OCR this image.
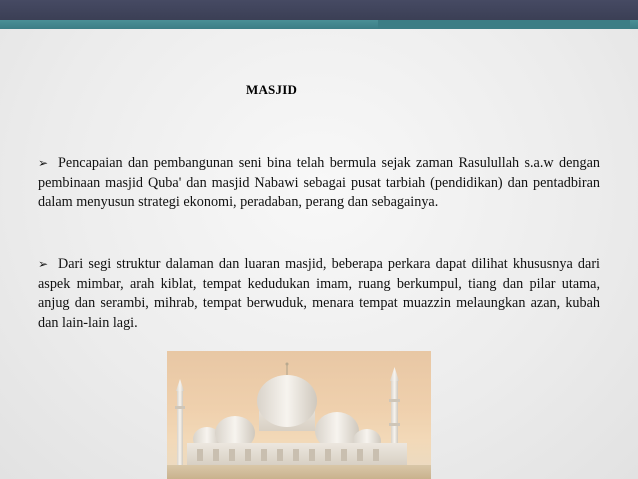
MASJID
➢ Pencapaian dan pembangunan seni bina telah bermula sejak zaman Rasulullah s.a.w dengan pembinaan masjid Quba' dan masjid Nabawi sebagai pusat tarbiah (pendidikan) dan pentadbiran dalam menyusun strategi ekonomi, peradaban, perang dan sebagainya.
➢ Dari segi struktur dalaman dan luaran masjid, beberapa perkara dapat dilihat khususnya dari aspek mimbar, arah kiblat, tempat kedudukan imam, ruang berkumpul, tiang dan pilar utama, anjug dan serambi, mihrab, tempat berwuduk, menara tempat muazzin melaungkan azan, kubah dan lain-lain lagi.
